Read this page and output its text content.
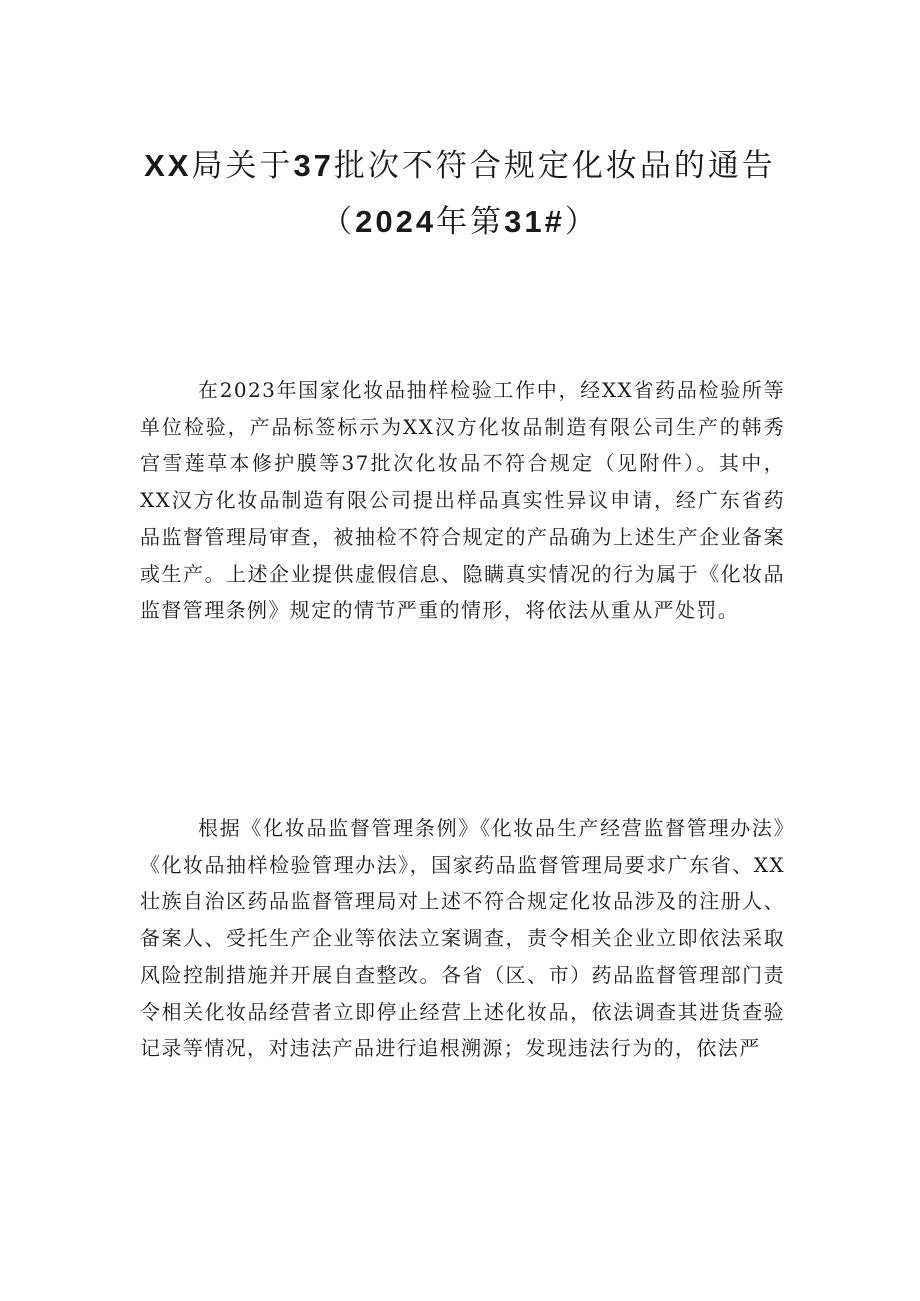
XX局关于37批次不符合规定化妆品的通告
（2024年第31#）

在2023年国家化妆品抽样检验工作中，经XX省药品检验所等单位检验，产品标签标示为XX汉方化妆品制造有限公司生产的韩秀宫雪莲草本修护膜等37批次化妆品不符合规定（见附件）。其中，XX汉方化妆品制造有限公司提出样品真实性异议申请，经广东省药品监督管理局审查，被抽检不符合规定的产品确为上述生产企业备案或生产。上述企业提供虚假信息、隐瞒真实情况的行为属于《化妆品监督管理条例》规定的情节严重的情形，将依法从重从严处罚。

根据《化妆品监督管理条例》《化妆品生产经营监督管理办法》《化妆品抽样检验管理办法》，国家药品监督管理局要求广东省、XX壮族自治区药品监督管理局对上述不符合规定化妆品涉及的注册人、备案人、受托生产企业等依法立案调查，责令相关企业立即依法采取风险控制措施并开展自查整改。各省（区、市）药品监督管理部门责令相关化妆品经营者立即停止经营上述化妆品，依法调查其进货查验记录等情况，对违法产品进行追根溯源；发现违法行为的，依法严
